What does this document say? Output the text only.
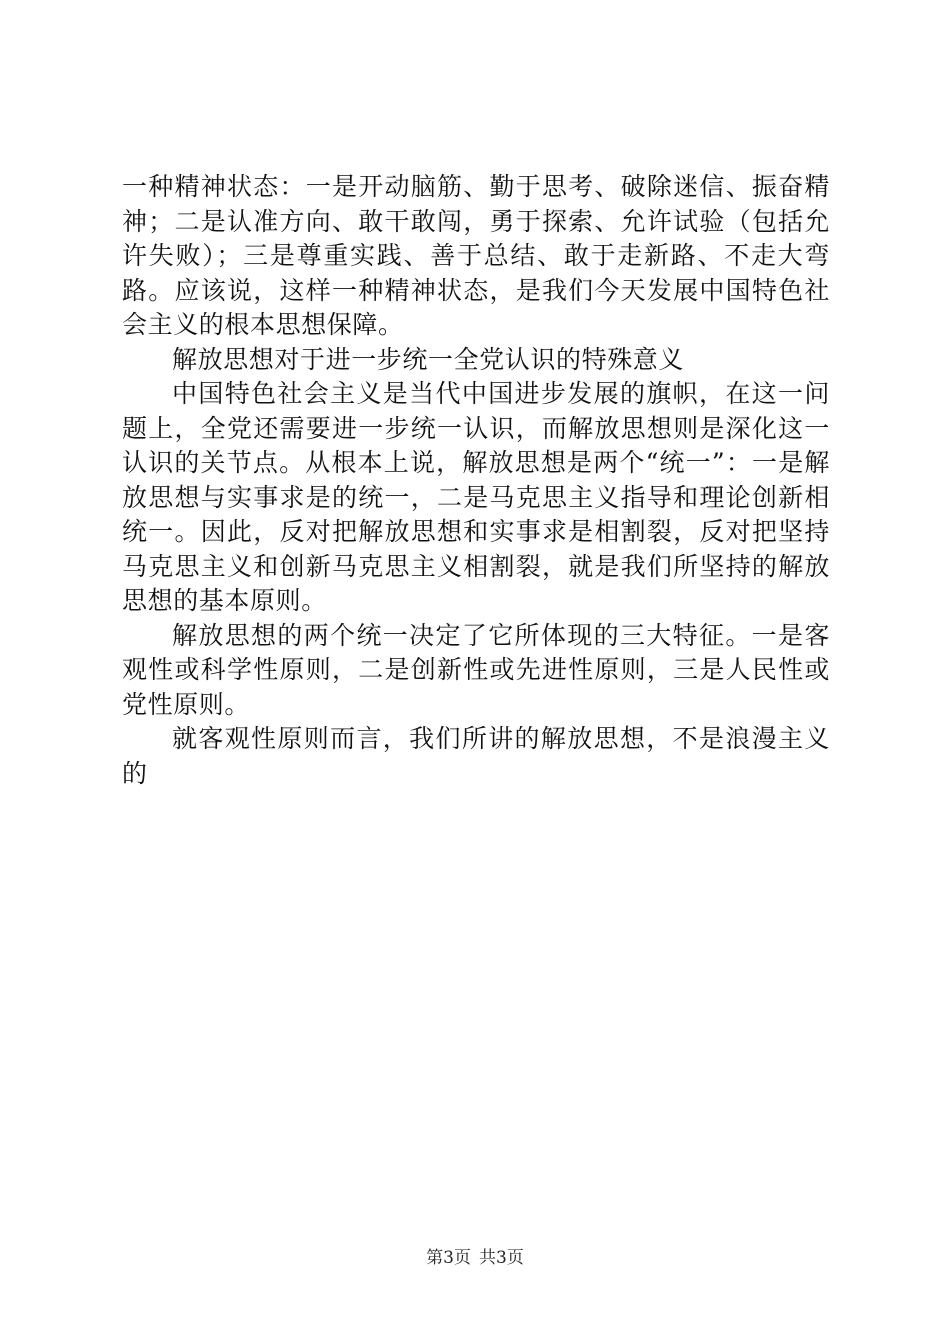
一种精神状态：一是开动脑筋、勤于思考、破除迷信、振奋精神；二是认准方向、敢干敢闯，勇于探索、允许试验（包括允许失败）；三是尊重实践、善于总结、敢于走新路、不走大弯路。应该说，这样一种精神状态，是我们今天发展中国特色社会主义的根本思想保障。

解放思想对于进一步统一全党认识的特殊意义

中国特色社会主义是当代中国进步发展的旗帜，在这一问题上，全党还需要进一步统一认识，而解放思想则是深化这一认识的关节点。从根本上说，解放思想是两个“统一”：一是解放思想与实事求是的统一，二是马克思主义指导和理论创新相统一。因此，反对把解放思想和实事求是相割裂，反对把坚持马克思主义和创新马克思主义相割裂，就是我们所坚持的解放思想的基本原则。

解放思想的两个统一决定了它所体现的三大特征。一是客观性或科学性原则，二是创新性或先进性原则，三是人民性或党性原则。

就客观性原则而言，我们所讲的解放思想，不是浪漫主义的

第3页 共3页
